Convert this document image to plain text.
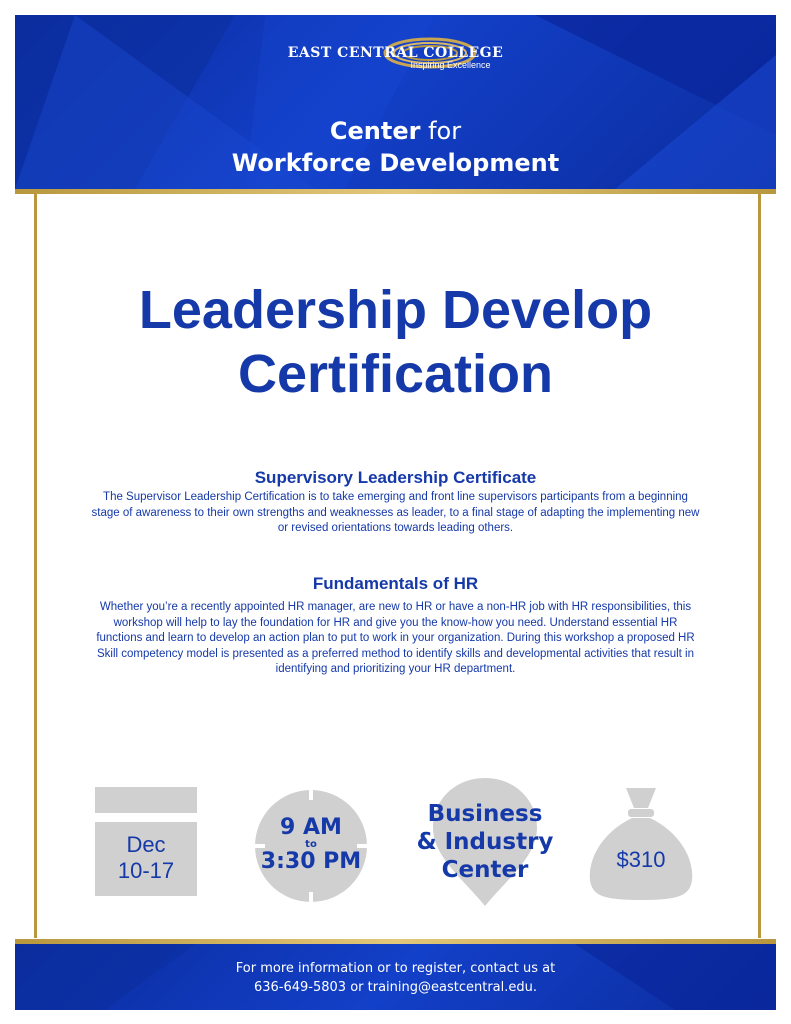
EAST CENTRAL COLLEGE
Inspiring Excellence
Center for
Workforce Development
Leadership Develop
Certification
Supervisory Leadership Certificate
The Supervisor Leadership Certification is to take emerging and front line supervisors participants from a beginning stage of awareness to their own strengths and weaknesses as leader, to a final stage of adapting the implementing new or revised orientations towards leading others.
Fundamentals of HR
Whether you’re a recently appointed HR manager, are new to HR or have a non-HR job with HR responsibilities, this workshop will help to lay the foundation for HR and give you the know-how you need. Understand essential HR functions and learn to develop an action plan to put to work in your organization. During this workshop a proposed HR Skill competency model is presented as a preferred method to identify skills and developmental activities that result in identifying and prioritizing your HR department.
Dec
10-17
9 AM
to
3:30 PM
Business
& Industry
Center	$310
For more information or to register, contact us at
636-649-5803 or training@eastcentral.edu.
